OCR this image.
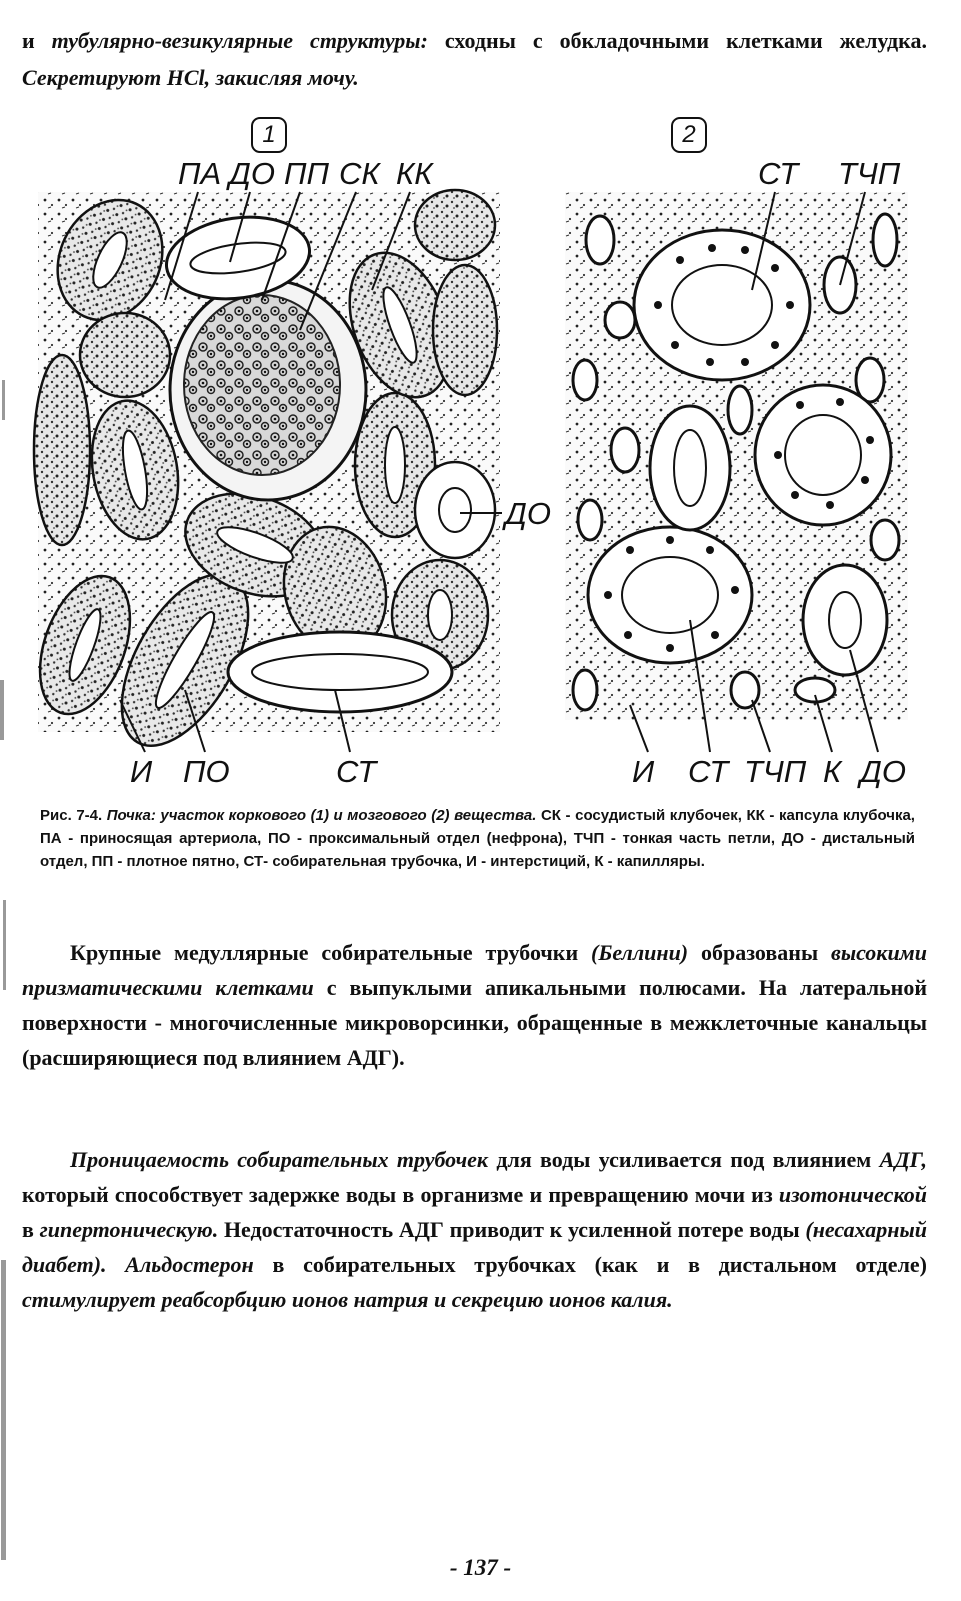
и тубулярно-везикулярные структуры: сходны с обкладочными клетками желудка. Секретируют HCl, закисляя мочу.
1	2
ПА ДО ПП СК КК	СТ ТЧП
ДО
И ПО	СТ	И СТ ТЧП К ДО
Рис. 7-4. Почка: участок коркового (1) и мозгового (2) вещества. СК - сосудистый клубочек, КК - капсула клубочка, ПА - приносящая артериола, ПО - проксимальный отдел (нефрона), ТЧП - тонкая часть петли, ДО - дистальный отдел, ПП - плотное пятно, СТ- собирательная трубочка, И - интерстиций, К - капилляры.
Крупные медуллярные собирательные трубочки (Беллини) образованы высокими призматическими клетками с выпуклыми апикальными полюсами. На латеральной поверхности - многочисленные микроворсинки, обращенные в межклеточные канальцы (расширяющиеся под влиянием АДГ).
Проницаемость собирательных трубочек для воды усиливается под влиянием АДГ, который способствует задержке воды в организме и превращению мочи из изотонической в гипертоническую. Недостаточность АДГ приводит к усиленной потере воды (несахарный диабет). Альдостерон в собирательных трубочках (как и в дистальном отделе) стимулирует реабсорбцию ионов натрия и секрецию ионов калия.
- 137 -
